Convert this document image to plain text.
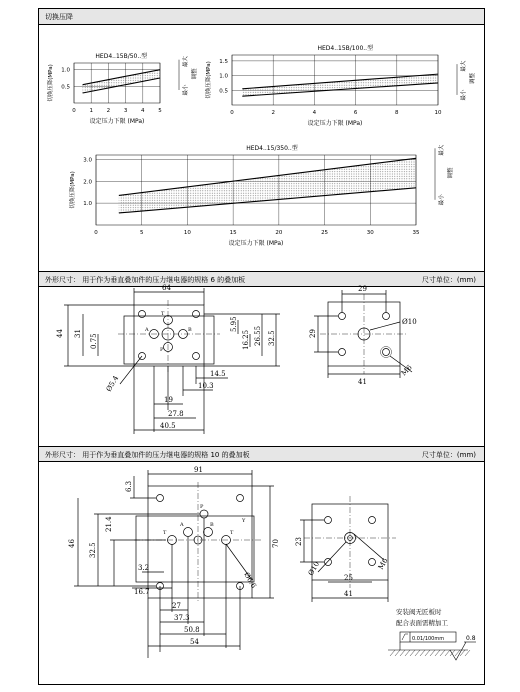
切换压降
外形尺寸： 用于作为垂直叠加件的压力继电器的规格 6 的叠加板	尺寸单位：(mm)
外形尺寸： 用于作为垂直叠加件的压力继电器的规格 10 的叠加板	尺寸单位：(mm)
0 1 2 3 4 5
0.5
1.0
HED4..15B/50..型
设定压力下限 (MPa)
切换压降(MPa)
最大
调整
最小
0	2	4	6	8	10
0.5
1.0
1.5
HED4..15B/100..型
设定压力下限 (MPa)
切换压降(MPa)	最大
调整
最小
0	5	10	15	20	25	30	35
1.0
2.0
3.0
HED4..15/350..型
设定压力下限 (MPa)
切换压降(MPa)
最大
调整
最小
64
44 31 0.75
5.95
16.25 26.55 32.5
14.5
10.3
19
27.8
40.5
Ø5.4
T
A	B
P
29
29
41
Ø10
M6
91
6.3
46 32.5
21.4
70
3.2
16.7
27
37.3
50.8
54
Ø6.6
P
A	B
T	T
Y
23
25
41
Ø10	M6
安装阀无匠板时
配合表面需精加工
0.01/100mm	0.8
